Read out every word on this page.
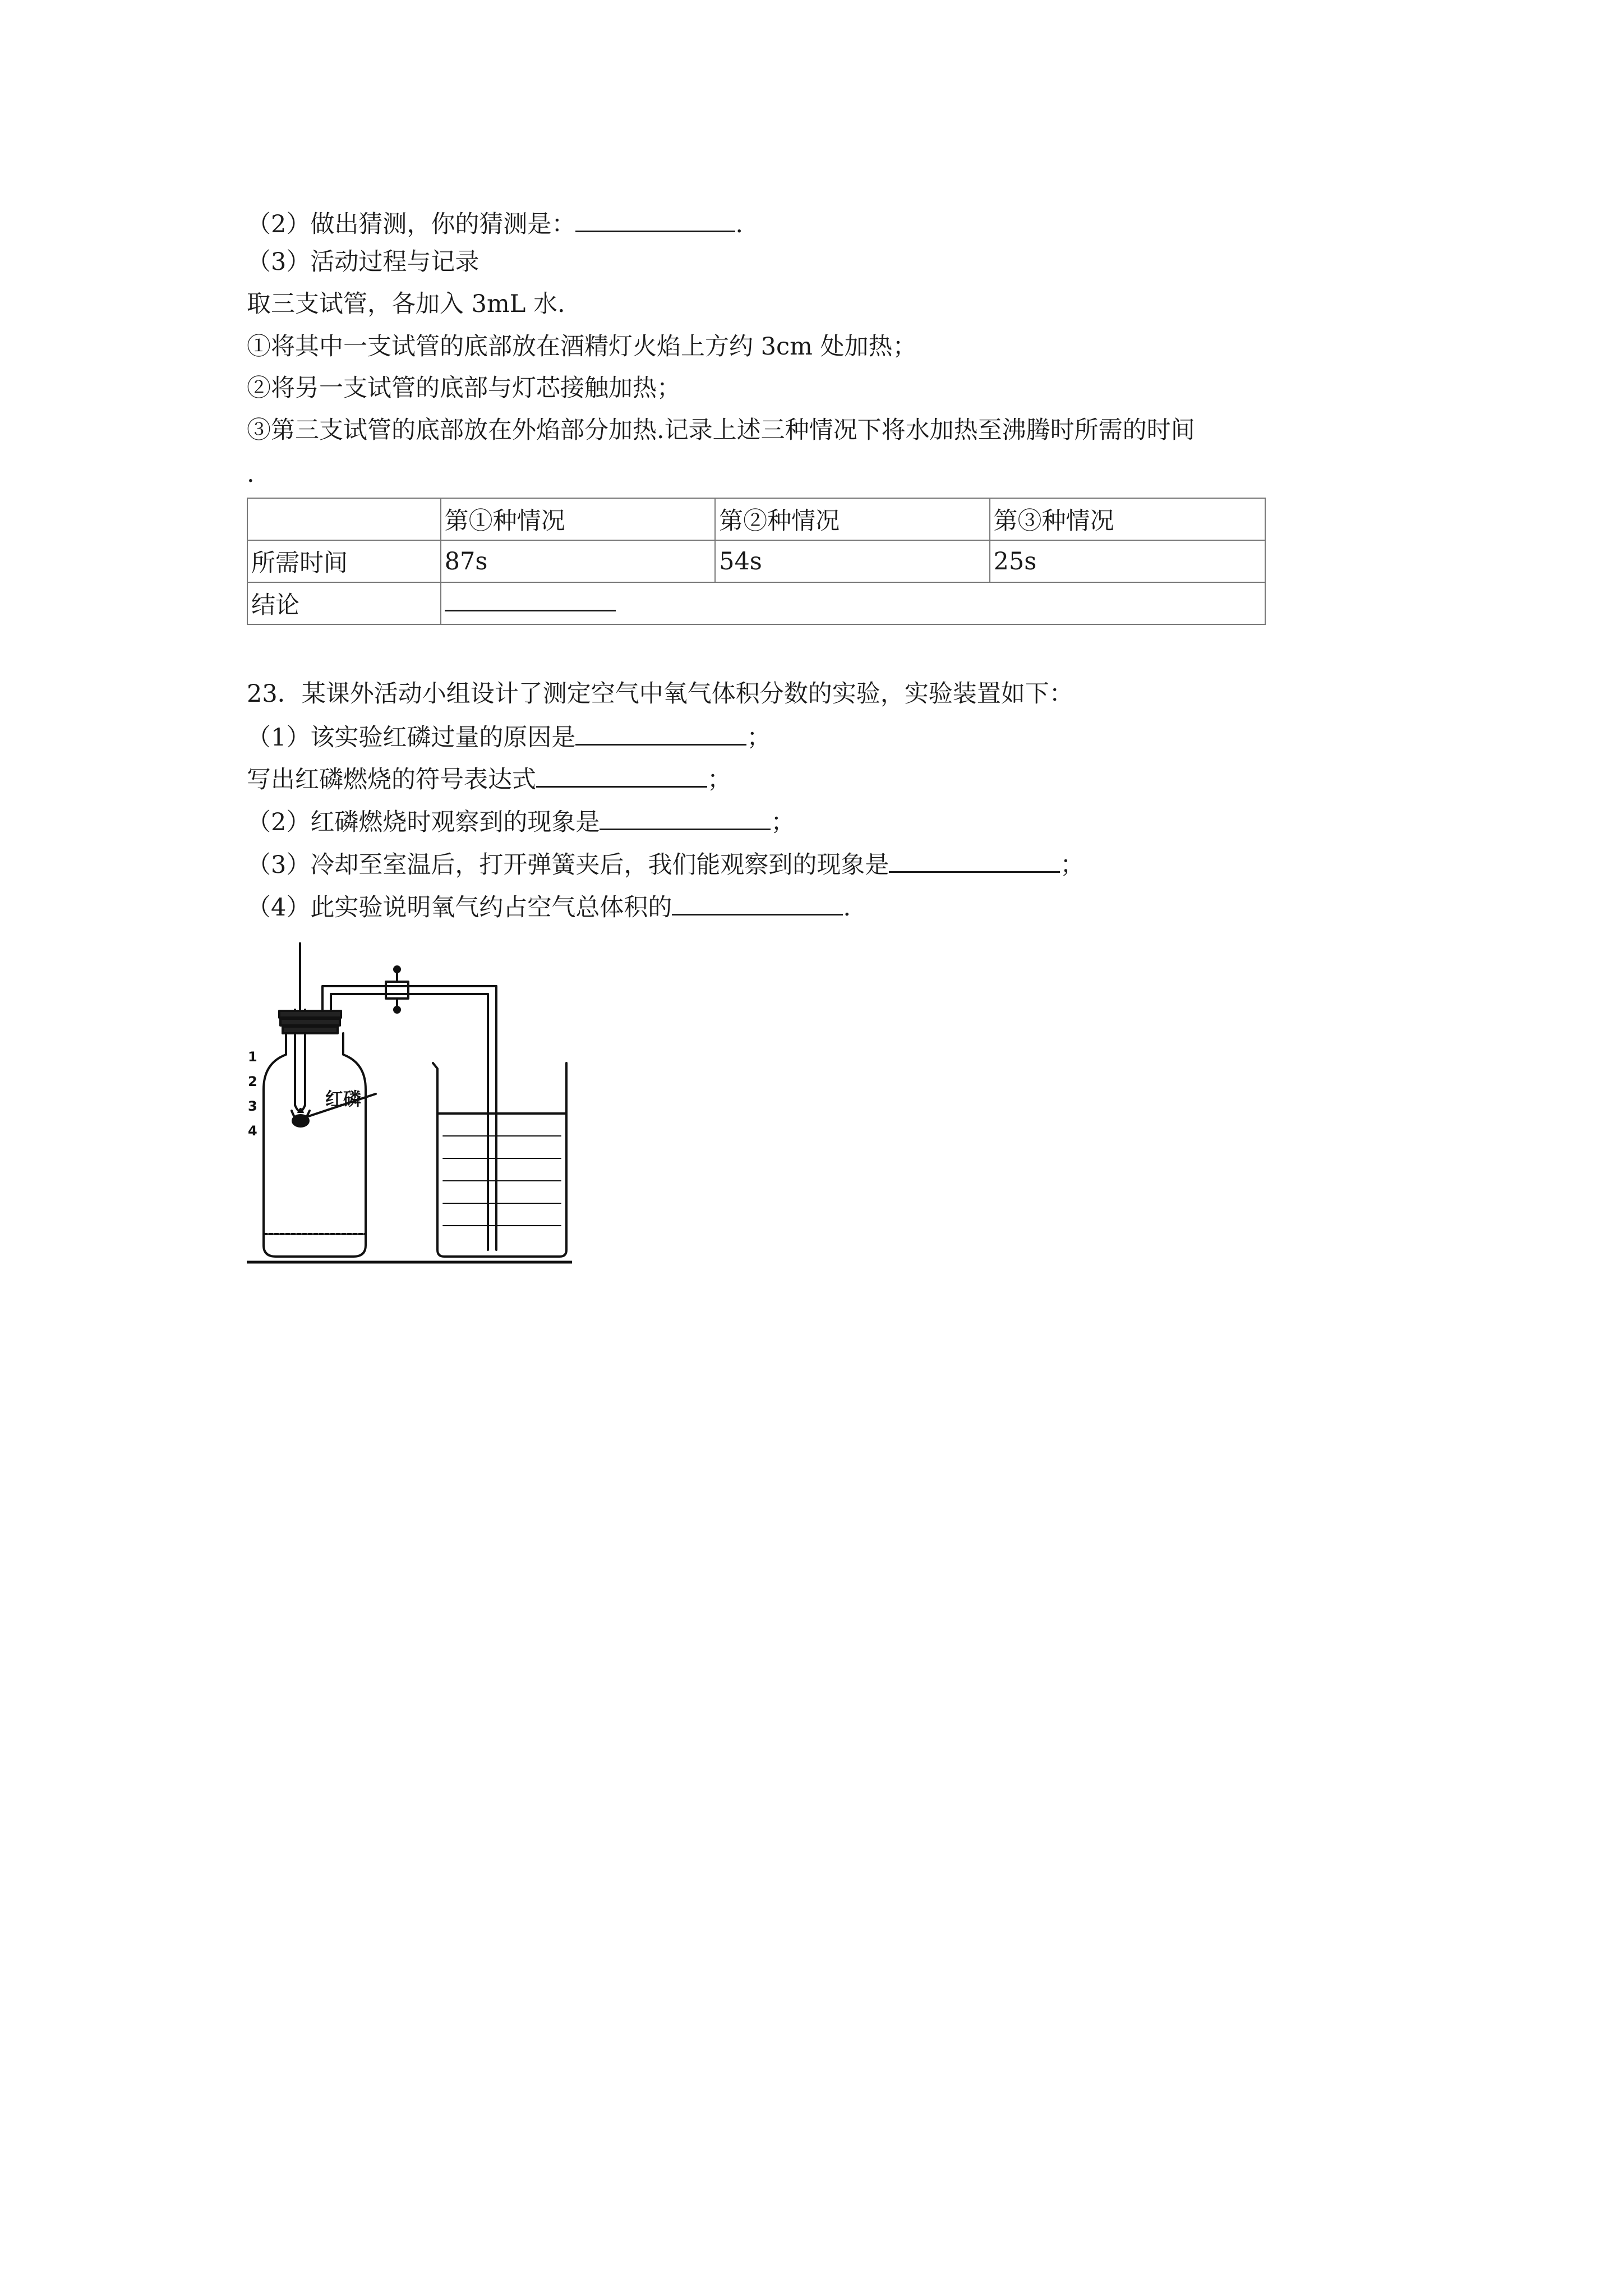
（2）做出猜测，你的猜测是：	.
（3）活动过程与记录
取三支试管，各加入 3mL 水.
①将其中一支试管的底部放在酒精灯火焰上方约 3cm 处加热；
②将另一支试管的底部与灯芯接触加热；
③第三支试管的底部放在外焰部分加热.记录上述三种情况下将水加热至沸腾时所需的时间
.
	第①种情况	第②种情况	第③种情况
所需时间	87s	54s	25s
结论			
23．某课外活动小组设计了测定空气中氧气体积分数的实验，实验装置如下：
（1）该实验红磷过量的原因是	；
写出红磷燃烧的符号表达式	；
（2）红磷燃烧时观察到的现象是	；
（3）冷却至室温后，打开弹簧夹后，我们能观察到的现象是	；
（4）此实验说明氧气约占空气总体积的	.
1
2
3
4
红磷
